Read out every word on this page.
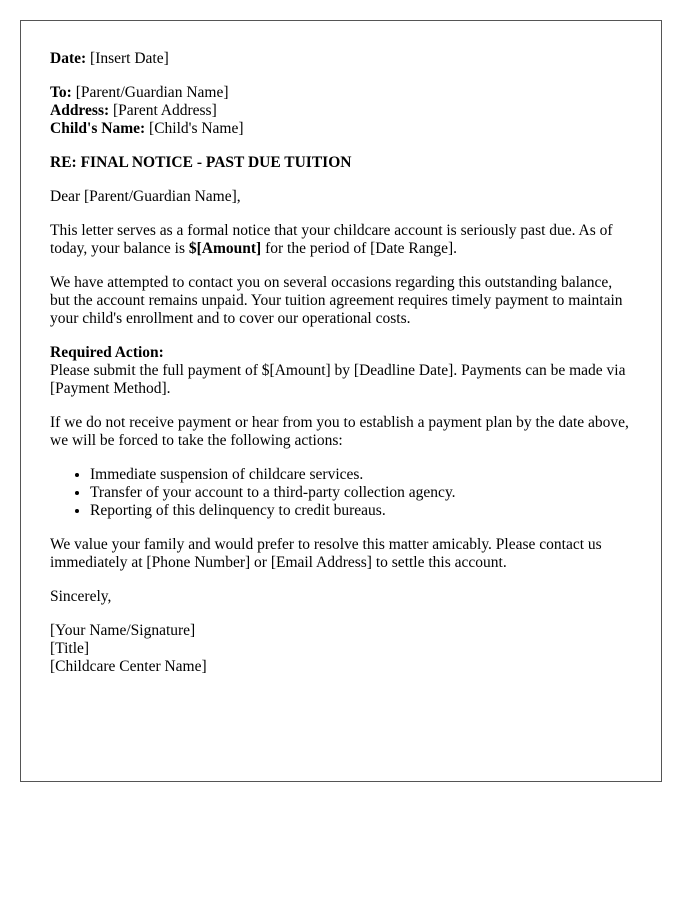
Date: [Insert Date]

To: [Parent/Guardian Name]
Address: [Parent Address]
Child's Name: [Child's Name]

RE: FINAL NOTICE - PAST DUE TUITION

Dear [Parent/Guardian Name],

This letter serves as a formal notice that your childcare account is seriously past due. As of today, your balance is $[Amount] for the period of [Date Range].

We have attempted to contact you on several occasions regarding this outstanding balance, but the account remains unpaid. Your tuition agreement requires timely payment to maintain your child's enrollment and to cover our operational costs.

Required Action:
Please submit the full payment of $[Amount] by [Deadline Date]. Payments can be made via [Payment Method].

If we do not receive payment or hear from you to establish a payment plan by the date above, we will be forced to take the following actions:

• Immediate suspension of childcare services.
• Transfer of your account to a third-party collection agency.
• Reporting of this delinquency to credit bureaus.

We value your family and would prefer to resolve this matter amicably. Please contact us immediately at [Phone Number] or [Email Address] to settle this account.

Sincerely,

[Your Name/Signature]
[Title]
[Childcare Center Name]
